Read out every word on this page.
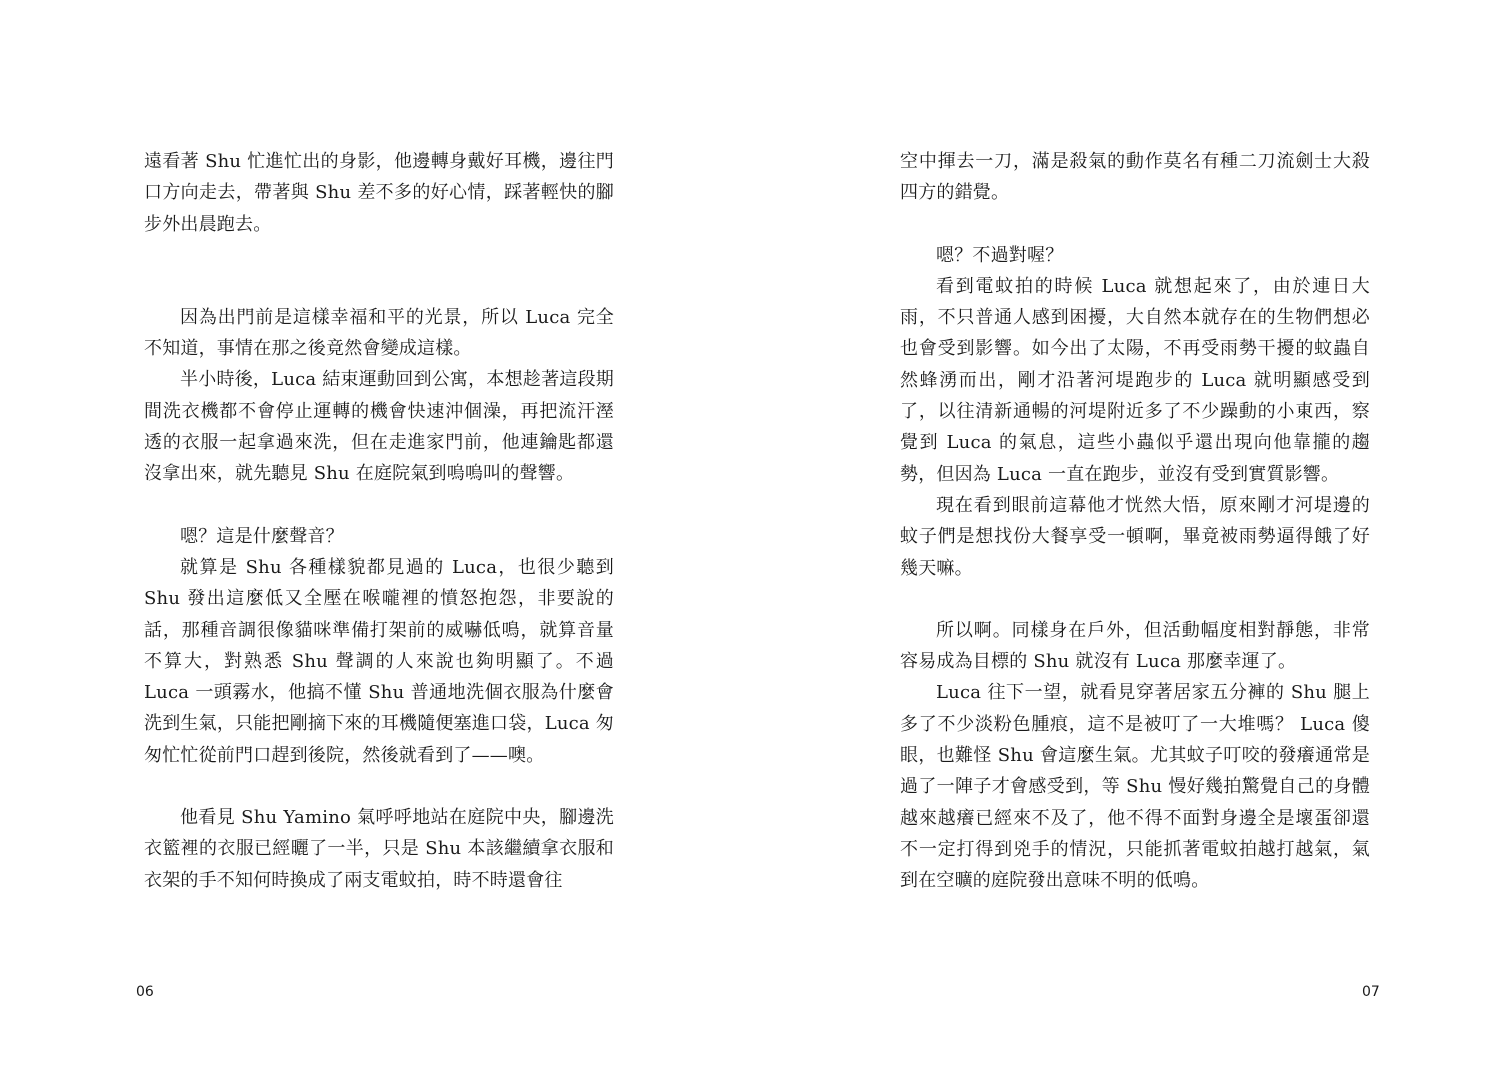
遠看著 Shu 忙進忙出的身影，他邊轉身戴好耳機，邊往門口方向走去，帶著與 Shu 差不多的好心情，踩著輕快的腳步外出晨跑去。

因為出門前是這樣幸福和平的光景，所以 Luca 完全不知道，事情在那之後竟然會變成這樣。

半小時後，Luca 結束運動回到公寓，本想趁著這段期間洗衣機都不會停止運轉的機會快速沖個澡，再把流汗溼透的衣服一起拿過來洗，但在走進家門前，他連鑰匙都還沒拿出來，就先聽見 Shu 在庭院氣到嗚嗚叫的聲響。

嗯？這是什麼聲音？

就算是 Shu 各種樣貌都見過的 Luca，也很少聽到 Shu 發出這麼低又全壓在喉嚨裡的憤怒抱怨，非要說的話，那種音調很像貓咪準備打架前的威嚇低鳴，就算音量不算大，對熟悉 Shu 聲調的人來說也夠明顯了。不過 Luca 一頭霧水，他搞不懂 Shu 普通地洗個衣服為什麼會洗到生氣，只能把剛摘下來的耳機隨便塞進口袋，Luca 匆匆忙忙從前門口趕到後院，然後就看到了——噢。

他看見 Shu Yamino 氣呼呼地站在庭院中央，腳邊洗衣籃裡的衣服已經曬了一半，只是 Shu 本該繼續拿衣服和衣架的手不知何時換成了兩支電蚊拍，時不時還會往

06

空中揮去一刀，滿是殺氣的動作莫名有種二刀流劍士大殺四方的錯覺。

嗯？不過對喔？

看到電蚊拍的時候 Luca 就想起來了，由於連日大雨，不只普通人感到困擾，大自然本就存在的生物們想必也會受到影響。如今出了太陽，不再受雨勢干擾的蚊蟲自然蜂湧而出，剛才沿著河堤跑步的 Luca 就明顯感受到了，以往清新通暢的河堤附近多了不少躁動的小東西，察覺到 Luca 的氣息，這些小蟲似乎還出現向他靠攏的趨勢，但因為 Luca 一直在跑步，並沒有受到實質影響。

現在看到眼前這幕他才恍然大悟，原來剛才河堤邊的蚊子們是想找份大餐享受一頓啊，畢竟被雨勢逼得餓了好幾天嘛。

所以啊。同樣身在戶外，但活動幅度相對靜態，非常容易成為目標的 Shu 就沒有 Luca 那麼幸運了。

Luca 往下一望，就看見穿著居家五分褲的 Shu 腿上多了不少淡粉色腫痕，這不是被叮了一大堆嗎？ Luca 傻眼，也難怪 Shu 會這麼生氣。尤其蚊子叮咬的發癢通常是過了一陣子才會感受到，等 Shu 慢好幾拍驚覺自己的身體越來越癢已經來不及了，他不得不面對身邊全是壞蛋卻還不一定打得到兇手的情況，只能抓著電蚊拍越打越氣，氣到在空曠的庭院發出意味不明的低鳴。

07
